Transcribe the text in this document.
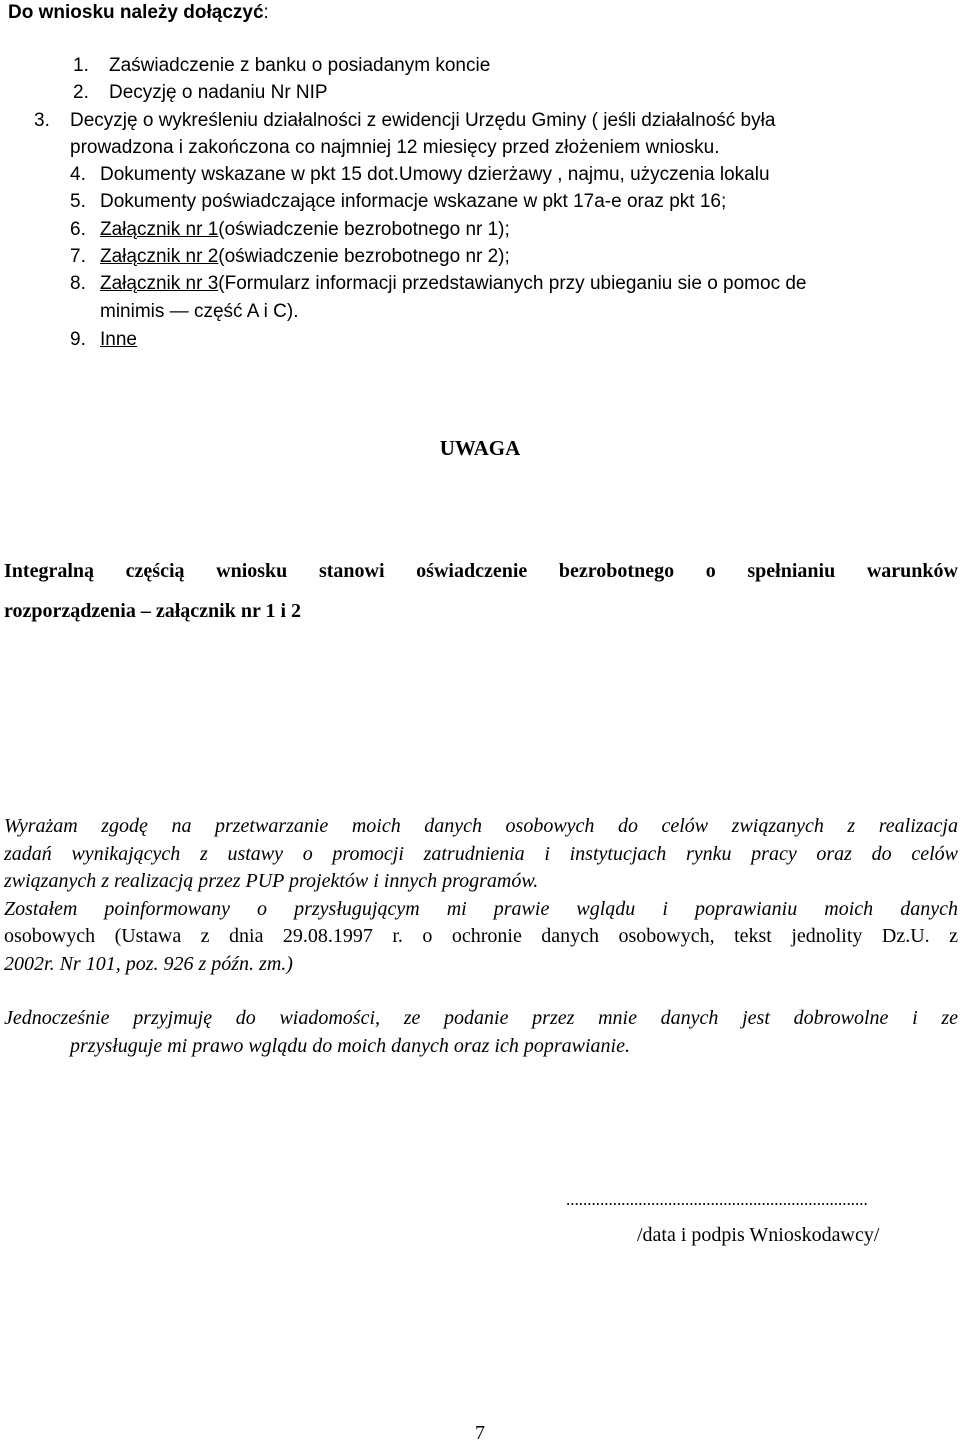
Do wniosku należy dołączyć:
1. Zaświadczenie z banku o posiadanym koncie
2. Decyzję o nadaniu Nr NIP
3. Decyzję o wykreśleniu działalności z ewidencji Urzędu Gminy ( jeśli działalność była
prowadzona i zakończona co najmniej 12 miesięcy przed złożeniem wniosku.
4. Dokumenty wskazane w pkt 15 dot.Umowy dzierżawy , najmu, użyczenia lokalu
5. Dokumenty poświadczające informacje wskazane w pkt 17a-e oraz pkt 16;
6. Załącznik nr 1(oświadczenie bezrobotnego nr 1);
7. Załącznik nr 2(oświadczenie bezrobotnego nr 2);
8. Załącznik nr 3(Formularz informacji przedstawianych przy ubieganiu sie o pomoc de
minimis — część A i C).
9. Inne
UWAGA
Integralną częścią wniosku stanowi oświadczenie bezrobotnego o spełnianiu warunków
rozporządzenia – załącznik nr 1 i 2
Wyrażam zgodę na przetwarzanie moich danych osobowych do celów związanych z realizacja
zadań wynikających z ustawy o promocji zatrudnienia i instytucjach rynku pracy oraz do celów
związanych z realizacją przez PUP projektów i innych programów.
Zostałem poinformowany o przysługującym mi prawie wglądu i poprawianiu moich danych
osobowych (Ustawa z dnia 29.08.1997 r. o ochronie danych osobowych, tekst jednolity Dz.U. z
2002r. Nr 101, poz. 926 z późn. zm.)
Jednocześnie przyjmuję do wiadomości, ze podanie przez mnie danych jest dobrowolne i ze
przysługuje mi prawo wglądu do moich danych oraz ich poprawianie.
.......................................................................
/data i podpis Wnioskodawcy/
7
